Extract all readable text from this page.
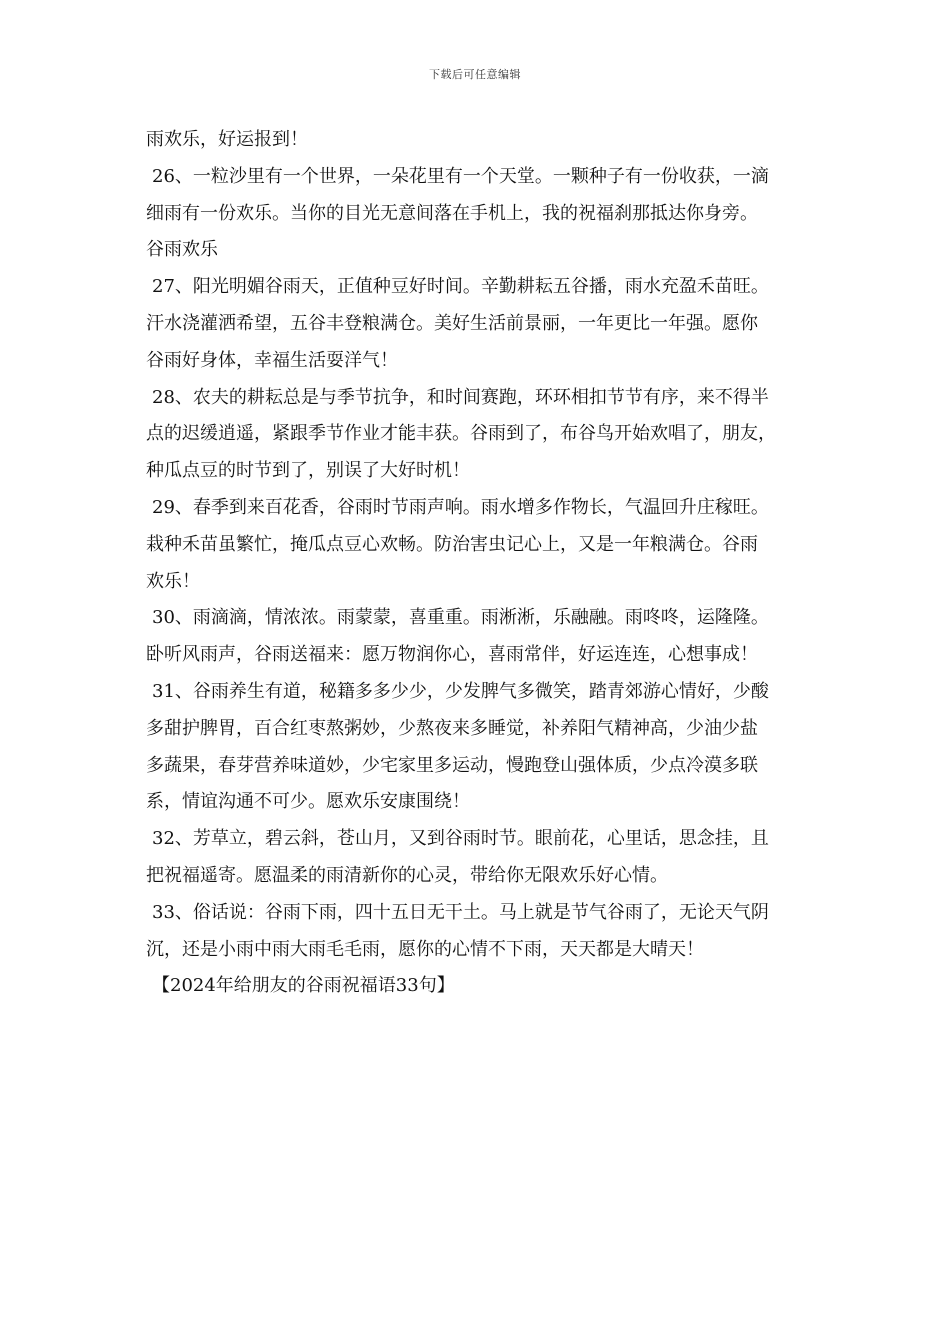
下载后可任意编辑
雨欢乐，好运报到！
26、一粒沙里有一个世界，一朵花里有一个天堂。一颗种子有一份收获，一滴
细雨有一份欢乐。当你的目光无意间落在手机上，我的祝福刹那抵达你身旁。
谷雨欢乐
27、阳光明媚谷雨天，正值种豆好时间。辛勤耕耘五谷播，雨水充盈禾苗旺。
汗水浇灌洒希望，五谷丰登粮满仓。美好生活前景丽，一年更比一年强。愿你
谷雨好身体，幸福生活耍洋气！
28、农夫的耕耘总是与季节抗争，和时间赛跑，环环相扣节节有序，来不得半
点的迟缓逍遥，紧跟季节作业才能丰获。谷雨到了，布谷鸟开始欢唱了，朋友，
种瓜点豆的时节到了，别误了大好时机！
29、春季到来百花香，谷雨时节雨声响。雨水增多作物长，气温回升庄稼旺。
栽种禾苗虽繁忙，掩瓜点豆心欢畅。防治害虫记心上，又是一年粮满仓。谷雨
欢乐！
30、雨滴滴，情浓浓。雨蒙蒙，喜重重。雨淅淅，乐融融。雨咚咚，运隆隆。
卧听风雨声，谷雨送福来：愿万物润你心，喜雨常伴，好运连连，心想事成！
31、谷雨养生有道，秘籍多多少少，少发脾气多微笑，踏青郊游心情好，少酸
多甜护脾胃，百合红枣熬粥妙，少熬夜来多睡觉，补养阳气精神高，少油少盐
多蔬果，春芽营养味道妙，少宅家里多运动，慢跑登山强体质，少点冷漠多联
系，情谊沟通不可少。愿欢乐安康围绕！
32、芳草立，碧云斜，苍山月，又到谷雨时节。眼前花，心里话，思念挂，且
把祝福遥寄。愿温柔的雨清新你的心灵，带给你无限欢乐好心情。
33、俗话说：谷雨下雨，四十五日无干土。马上就是节气谷雨了，无论天气阴
沉，还是小雨中雨大雨毛毛雨，愿你的心情不下雨，天天都是大晴天！
【2024年给朋友的谷雨祝福语33句】
